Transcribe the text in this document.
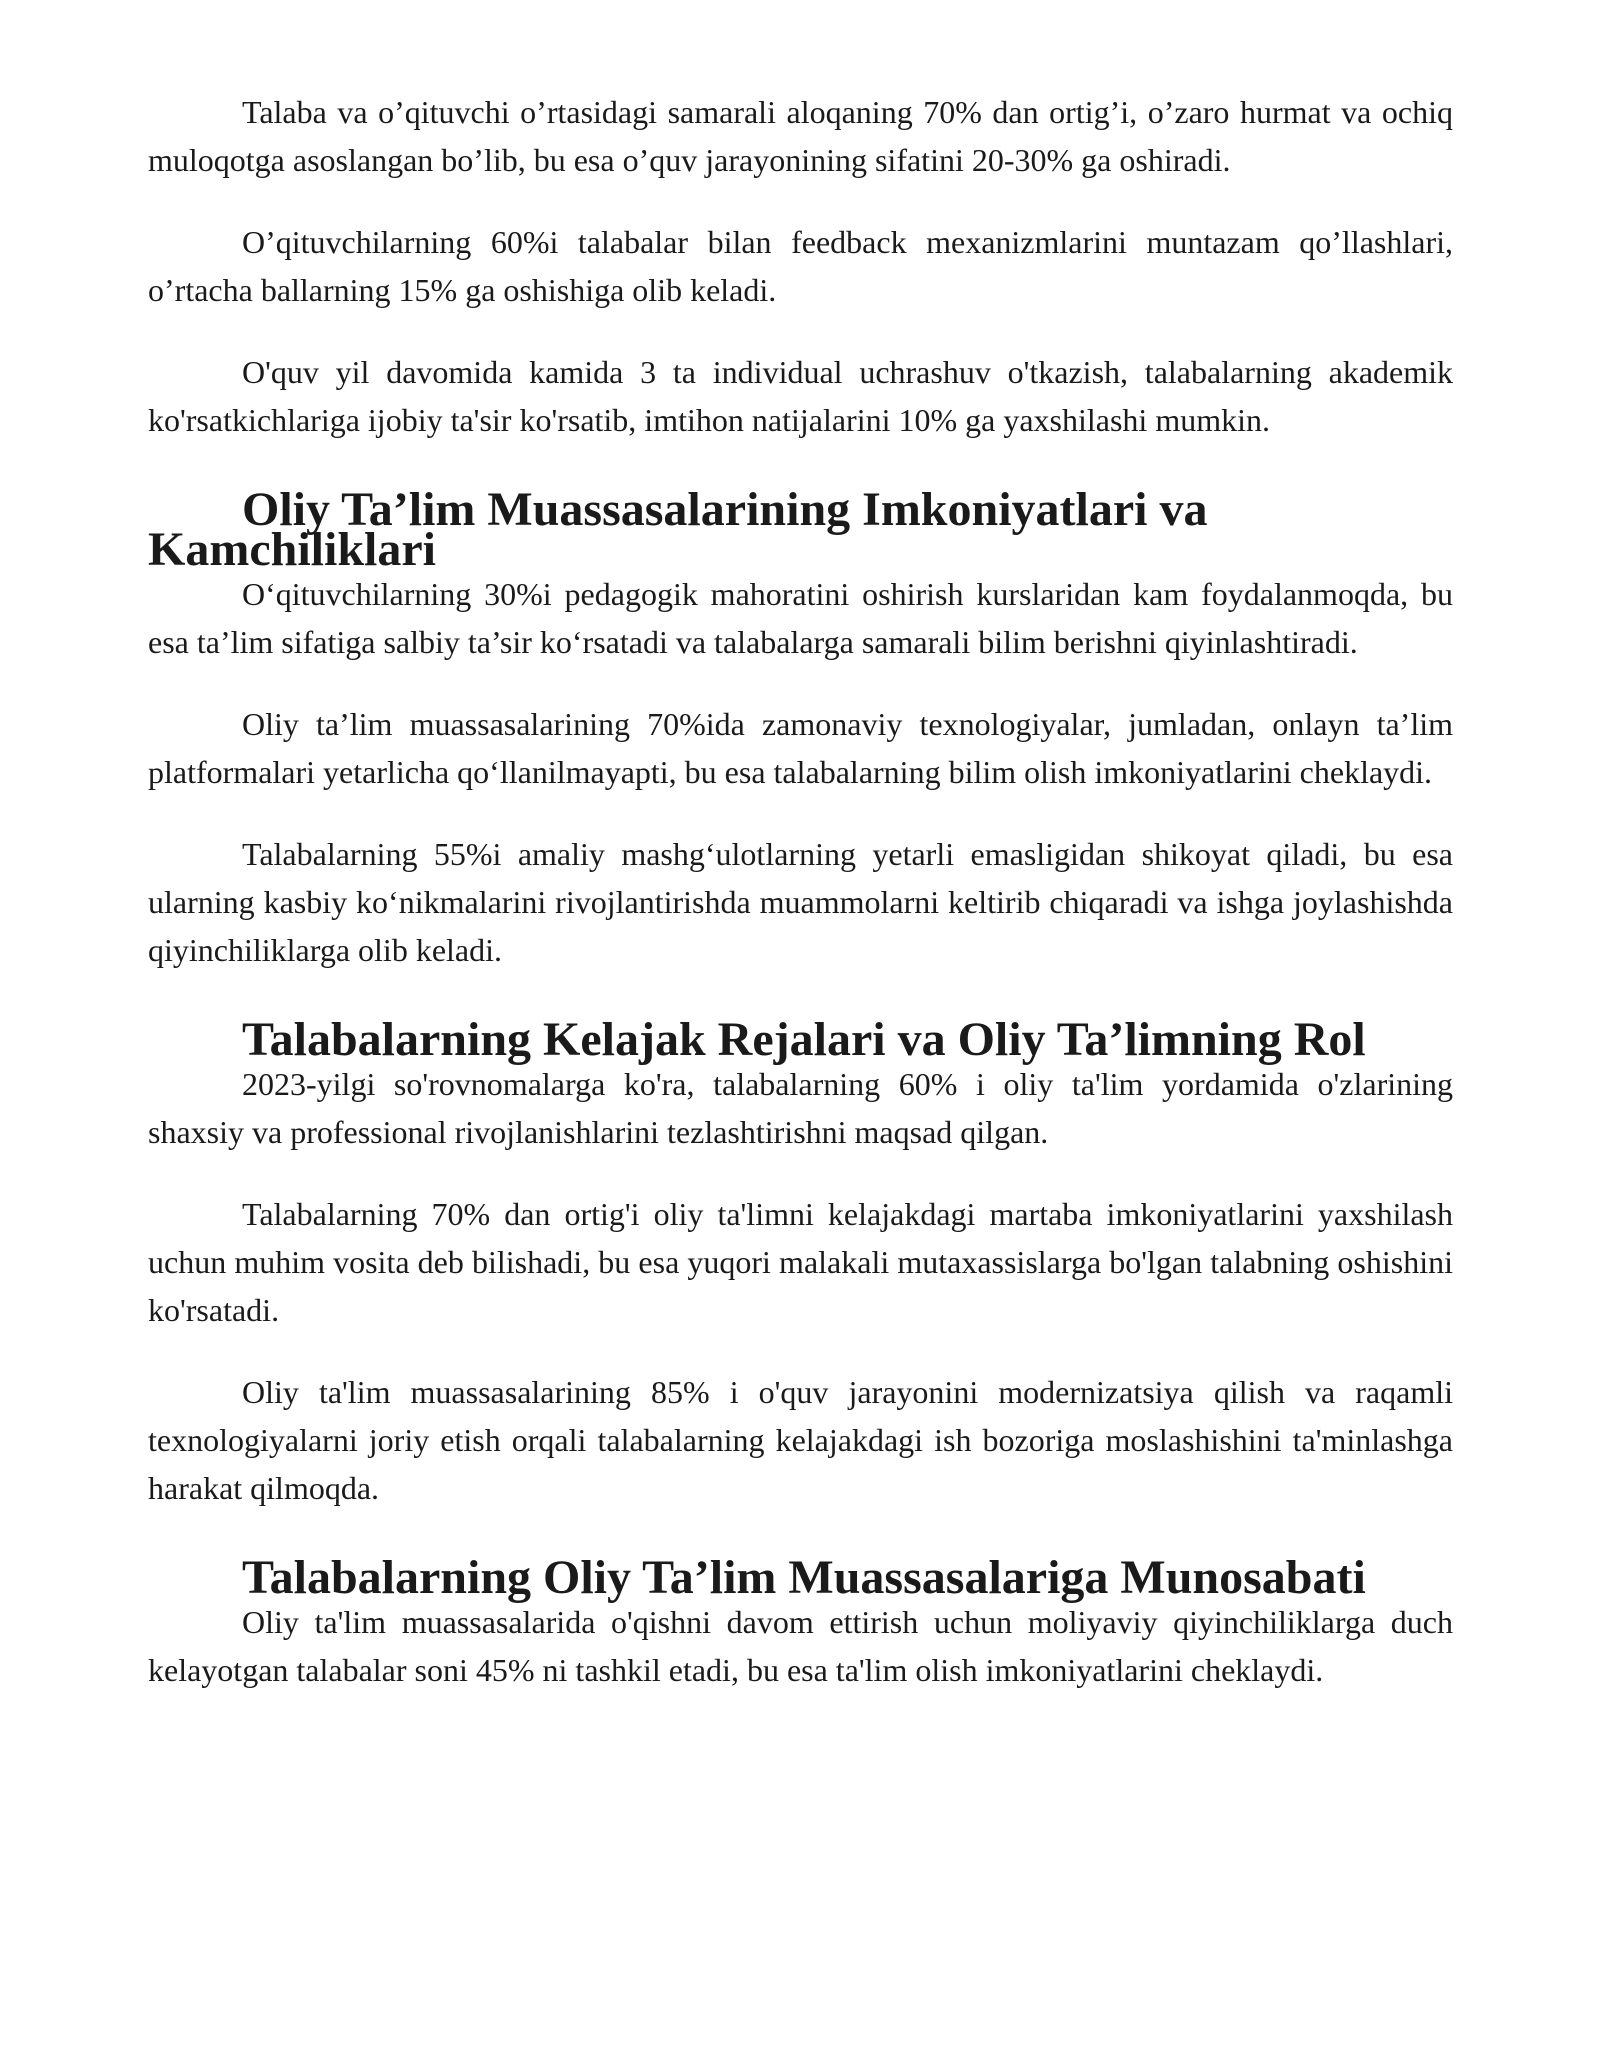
Talaba va o’qituvchi o’rtasidagi samarali aloqaning 70% dan ortig’i, o’zaro hurmat va ochiq muloqotga asoslangan bo’lib, bu esa o’quv jarayonining sifatini 20-30% ga oshiradi.

O’qituvchilarning 60%i talabalar bilan feedback mexanizmlarini muntazam qo’llashlari, o’rtacha ballarning 15% ga oshishiga olib keladi.

O'quv yil davomida kamida 3 ta individual uchrashuv o'tkazish, talabalarning akademik ko'rsatkichlariga ijobiy ta'sir ko'rsatib, imtihon natijalarini 10% ga yaxshilashi mumkin.

Oliy Ta’lim Muassasalarining Imkoniyatlari va Kamchiliklari

O‘qituvchilarning 30%i pedagogik mahoratini oshirish kurslaridan kam foydalanmoqda, bu esa ta’lim sifatiga salbiy ta’sir ko‘rsatadi va talabalarga samarali bilim berishni qiyinlashtiradi.

Oliy ta’lim muassasalarining 70%ida zamonaviy texnologiyalar, jumladan, onlayn ta’lim platformalari yetarlicha qo‘llanilmayapti, bu esa talabalarning bilim olish imkoniyatlarini cheklaydi.

Talabalarning 55%i amaliy mashg‘ulotlarning yetarli emasligidan shikoyat qiladi, bu esa ularning kasbiy ko‘nikmalarini rivojlantirishda muammolarni keltirib chiqaradi va ishga joylashishda qiyinchiliklarga olib keladi.

Talabalarning Kelajak Rejalari va Oliy Ta’limning Rol

2023-yilgi so'rovnomalarga ko'ra, talabalarning 60% i oliy ta'lim yordamida o'zlarining shaxsiy va professional rivojlanishlarini tezlashtirishni maqsad qilgan.

Talabalarning 70% dan ortig'i oliy ta'limni kelajakdagi martaba imkoniyatlarini yaxshilash uchun muhim vosita deb bilishadi, bu esa yuqori malakali mutaxassislarga bo'lgan talabning oshishini ko'rsatadi.

Oliy ta'lim muassasalarining 85% i o'quv jarayonini modernizatsiya qilish va raqamli texnologiyalarni joriy etish orqali talabalarning kelajakdagi ish bozoriga moslashishini ta'minlashga harakat qilmoqda.

Talabalarning Oliy Ta’lim Muassasalariga Munosabati

Oliy ta'lim muassasalarida o'qishni davom ettirish uchun moliyaviy qiyinchiliklarga duch kelayotgan talabalar soni 45% ni tashkil etadi, bu esa ta'lim olish imkoniyatlarini cheklaydi.
